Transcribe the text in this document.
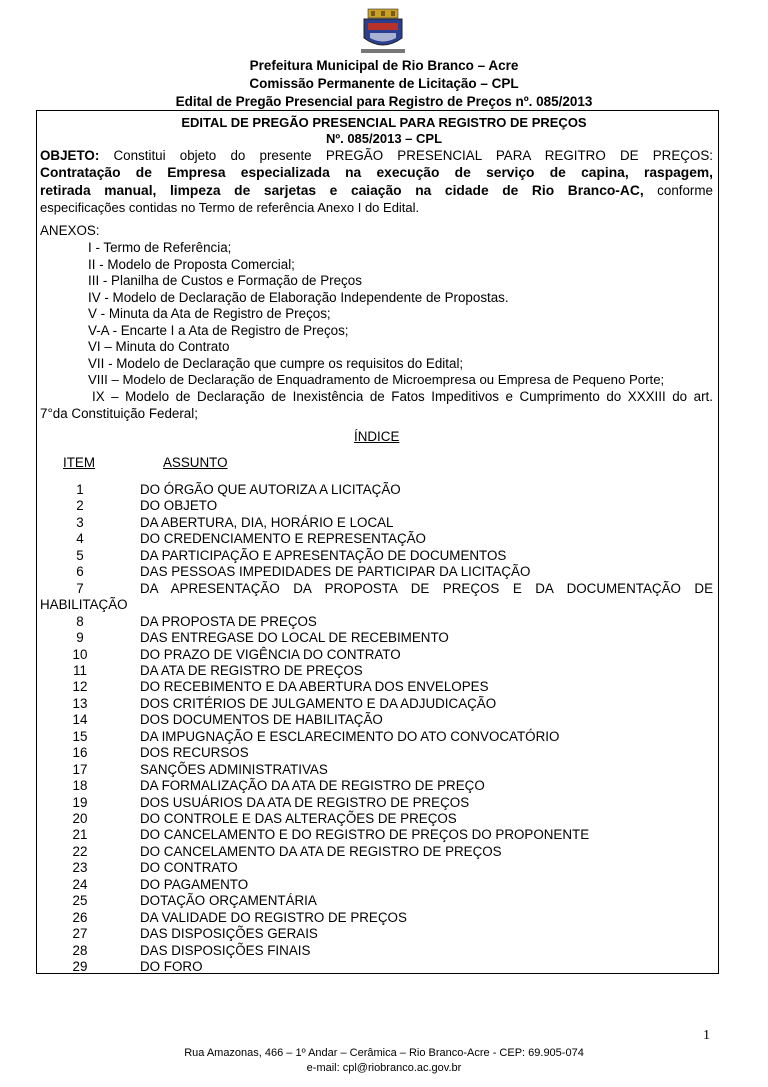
Prefeitura Municipal de Rio Branco – Acre
Comissão Permanente de Licitação – CPL
Edital de Pregão Presencial para Registro de Preços nº. 085/2013
EDITAL DE PREGÃO PRESENCIAL PARA REGISTRO DE PREÇOS
Nº. 085/2013 – CPL
OBJETO: Constitui objeto do presente PREGÃO PRESENCIAL PARA REGITRO DE PREÇOS:
Contratação de Empresa especializada na execução de serviço de capina, raspagem,
retirada manual, limpeza de sarjetas e caiação na cidade de Rio Branco-AC, conforme
especificações contidas no Termo de referência Anexo I do Edital.
ANEXOS:
I - Termo de Referência;
II - Modelo de Proposta Comercial;
III - Planilha de Custos e Formação de Preços
IV - Modelo de Declaração de Elaboração Independente de Propostas.
V - Minuta da Ata de Registro de Preços;
V-A - Encarte I a Ata de Registro de Preços;
VI – Minuta do Contrato
VII - Modelo de Declaração que cumpre os requisitos do Edital;
VIII – Modelo de Declaração de Enquadramento de Microempresa ou Empresa de Pequeno Porte;
IX – Modelo de Declaração de Inexistência de Fatos Impeditivos e Cumprimento do XXXIII do art.
7°da Constituição Federal;
ÍNDICE
ITEM	ASSUNTO
1	DO ÓRGÃO QUE AUTORIZA A LICITAÇÃO
2	DO OBJETO
3	DA ABERTURA, DIA, HORÁRIO E LOCAL
4	DO CREDENCIAMENTO E REPRESENTAÇÃO
5	DA PARTICIPAÇÃO E APRESENTAÇÃO DE DOCUMENTOS
6	DAS PESSOAS IMPEDIDADES DE PARTICIPAR DA LICITAÇÃO
7	DA APRESENTAÇÃO DA PROPOSTA DE PREÇOS E DA DOCUMENTAÇÃO DE
HABILITAÇÃO
8	DA PROPOSTA DE PREÇOS
9	DAS ENTREGASE DO LOCAL DE RECEBIMENTO
10	DO PRAZO DE VIGÊNCIA DO CONTRATO
11	DA ATA DE REGISTRO DE PREÇOS
12	DO RECEBIMENTO E DA ABERTURA DOS ENVELOPES
13	DOS CRITÉRIOS DE JULGAMENTO E DA ADJUDICAÇÃO
14	DOS DOCUMENTOS DE HABILITAÇÃO
15	DA IMPUGNAÇÃO E ESCLARECIMENTO DO ATO CONVOCATÓRIO
16	DOS RECURSOS
17	SANÇÕES ADMINISTRATIVAS
18	DA FORMALIZAÇÃO DA ATA DE REGISTRO DE PREÇO
19	DOS USUÁRIOS DA ATA DE REGISTRO DE PREÇOS
20	DO CONTROLE E DAS ALTERAÇÕES DE PREÇOS
21	DO CANCELAMENTO E DO REGISTRO DE PREÇOS DO PROPONENTE
22	DO CANCELAMENTO DA ATA DE REGISTRO DE PREÇOS
23	DO CONTRATO
24	DO PAGAMENTO
25	DOTAÇÃO ORÇAMENTÁRIA
26	DA VALIDADE DO REGISTRO DE PREÇOS
27	DAS DISPOSIÇÕES GERAIS
28	DAS DISPOSIÇÕES FINAIS
29	DO FORO
1
Rua Amazonas, 466 – 1º Andar – Cerâmica – Rio Branco-Acre - CEP: 69.905-074
e-mail: cpl@riobranco.ac.gov.br
